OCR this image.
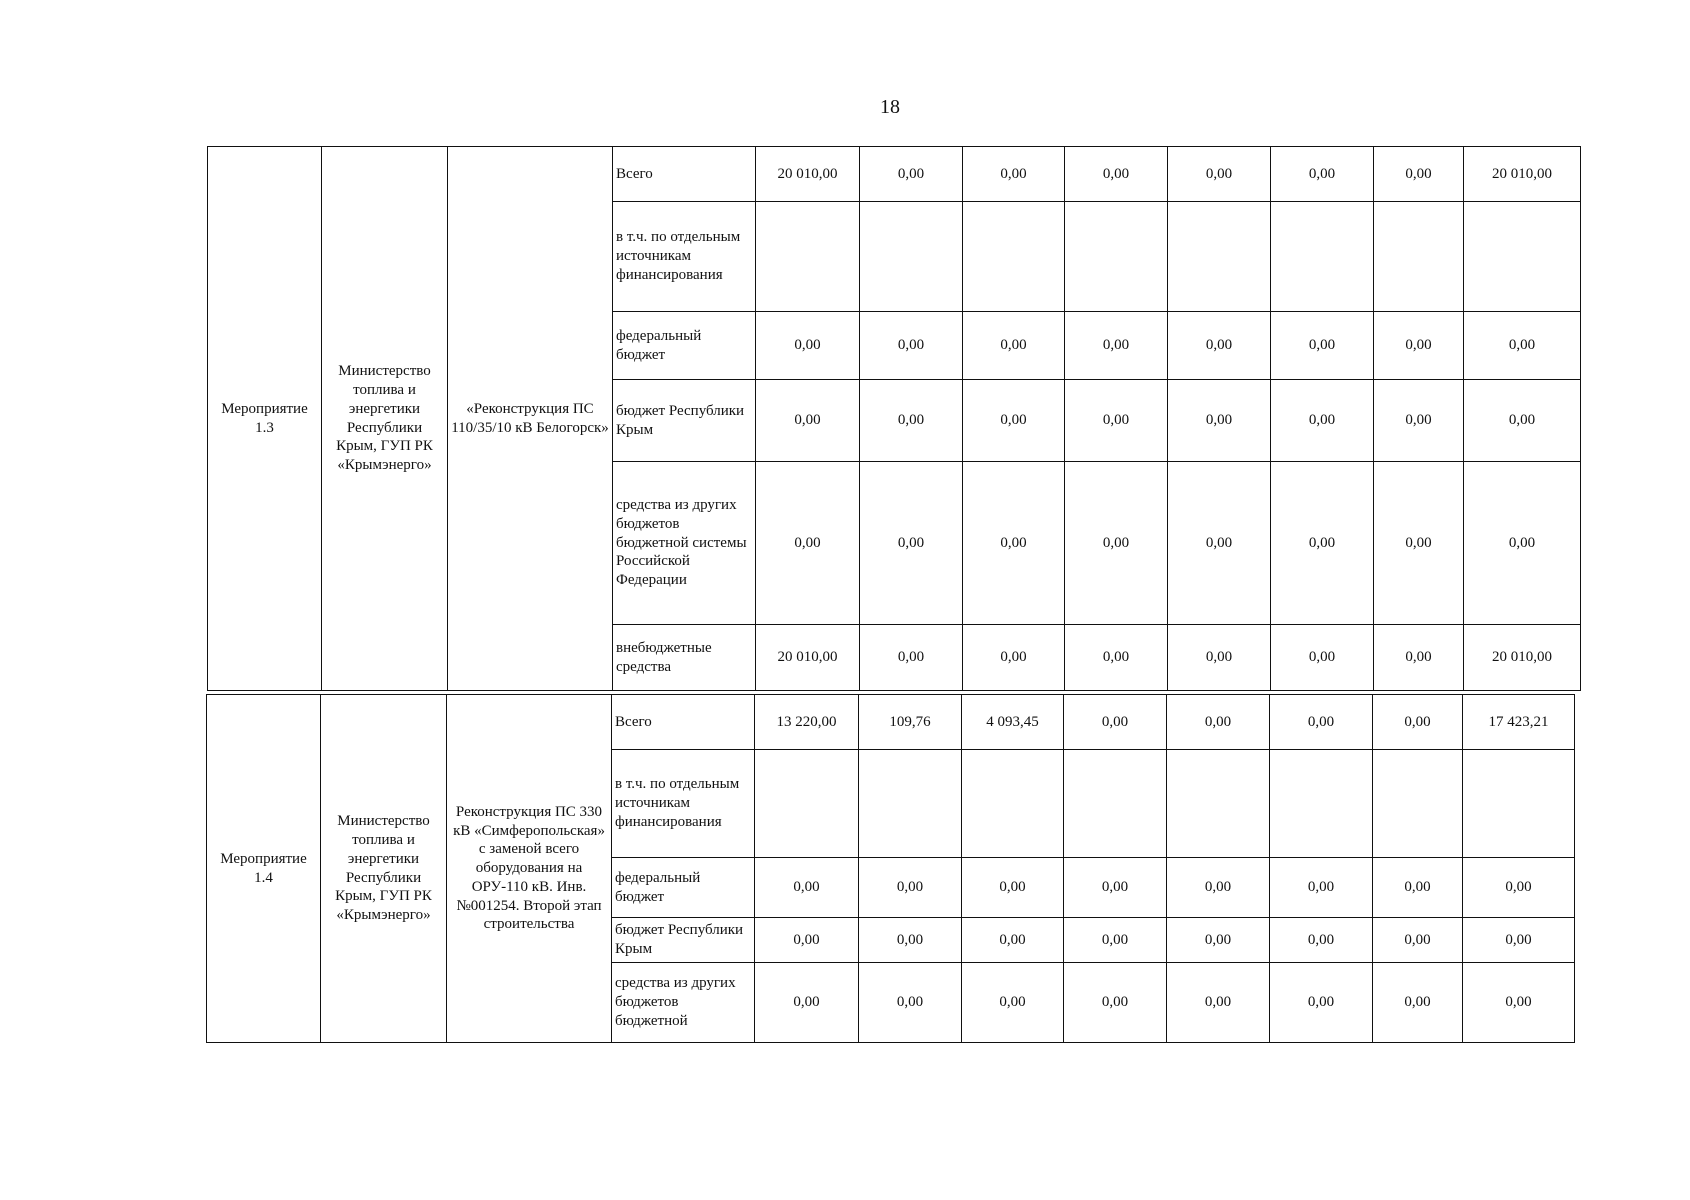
18
Мероприятие 1.3	Министерство топлива и энергетики Республики Крым, ГУП РК «Крымэнерго»	«Реконструкция ПС 110/35/10 кВ Белогорск»	Всего	20 010,00	0,00	0,00	0,00	0,00	0,00	0,00	20 010,00
			в т.ч. по отдельным источникам финансирования								
			федеральный бюджет	0,00	0,00	0,00	0,00	0,00	0,00	0,00	0,00
			бюджет Республики Крым	0,00	0,00	0,00	0,00	0,00	0,00	0,00	0,00
			средства из других бюджетов бюджетной системы Российской Федерации	0,00	0,00	0,00	0,00	0,00	0,00	0,00	0,00
			внебюджетные средства	20 010,00	0,00	0,00	0,00	0,00	0,00	0,00	20 010,00
Мероприятие 1.4	Министерство топлива и энергетики Республики Крым, ГУП РК «Крымэнерго»	Реконструкция ПС 330 кВ «Симферопольская» с заменой всего оборудования на ОРУ-110 кВ. Инв. №001254. Второй этап строительства	Всего	13 220,00	109,76	4 093,45	0,00	0,00	0,00	0,00	17 423,21
			в т.ч. по отдельным источникам финансирования								
			федеральный бюджет	0,00	0,00	0,00	0,00	0,00	0,00	0,00	0,00
			бюджет Республики Крым	0,00	0,00	0,00	0,00	0,00	0,00	0,00	0,00
			средства из других бюджетов бюджетной	0,00	0,00	0,00	0,00	0,00	0,00	0,00	0,00
